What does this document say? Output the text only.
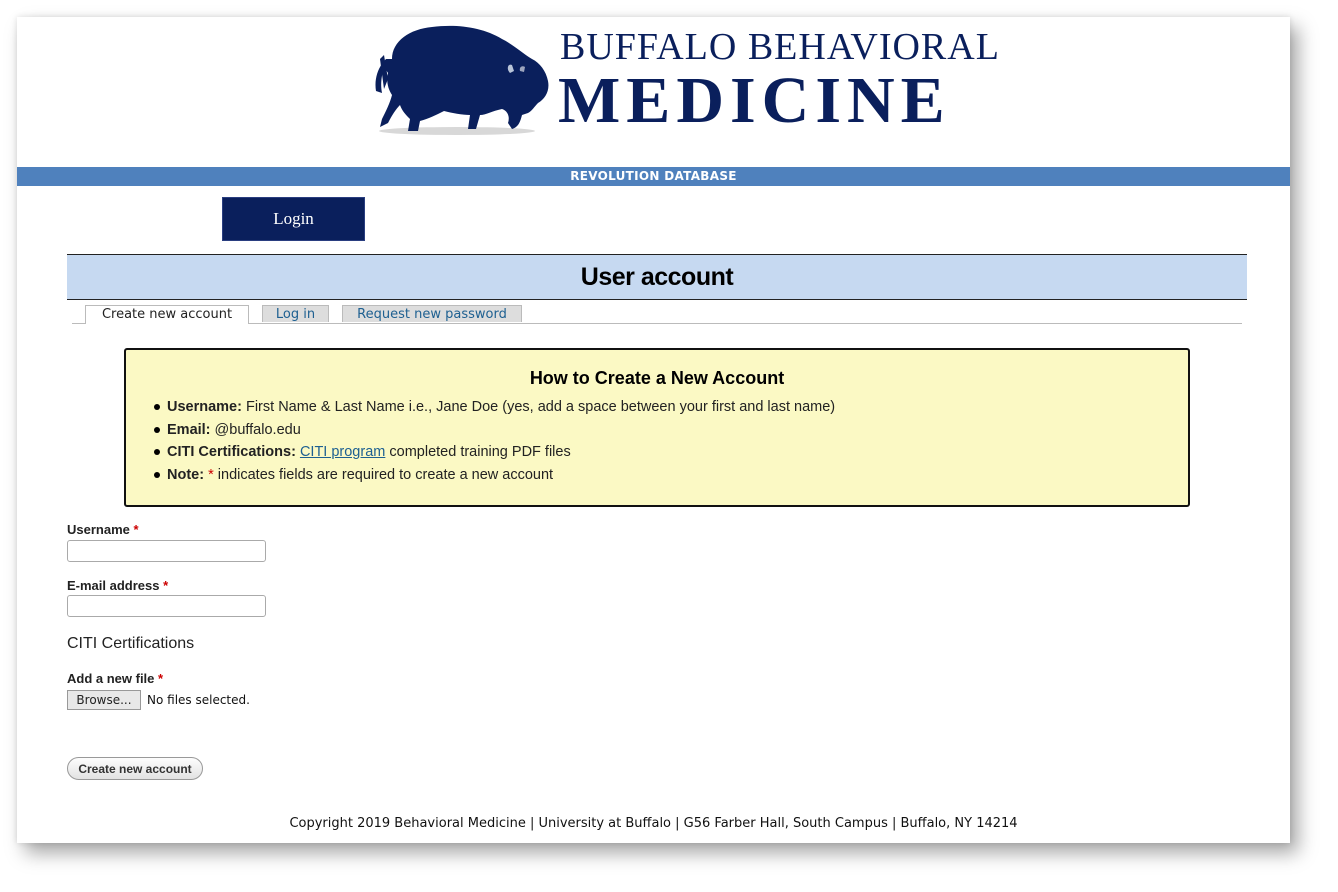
BUFFALO BEHAVIORAL
MEDICINE
REVOLUTION DATABASE
Login
User account
Create new account	Log in	Request new password
How to Create a New Account
Username: First Name & Last Name i.e., Jane Doe (yes, add a space between your first and last name)
Email: @buffalo.edu
CITI Certifications: CITI program completed training PDF files
Note: * indicates fields are required to create a new account
Username *
E-mail address *
CITI Certifications
Add a new file *
Browse...	No files selected.
Create new account
Copyright 2019 Behavioral Medicine | University at Buffalo | G56 Farber Hall, South Campus | Buffalo, NY 14214
